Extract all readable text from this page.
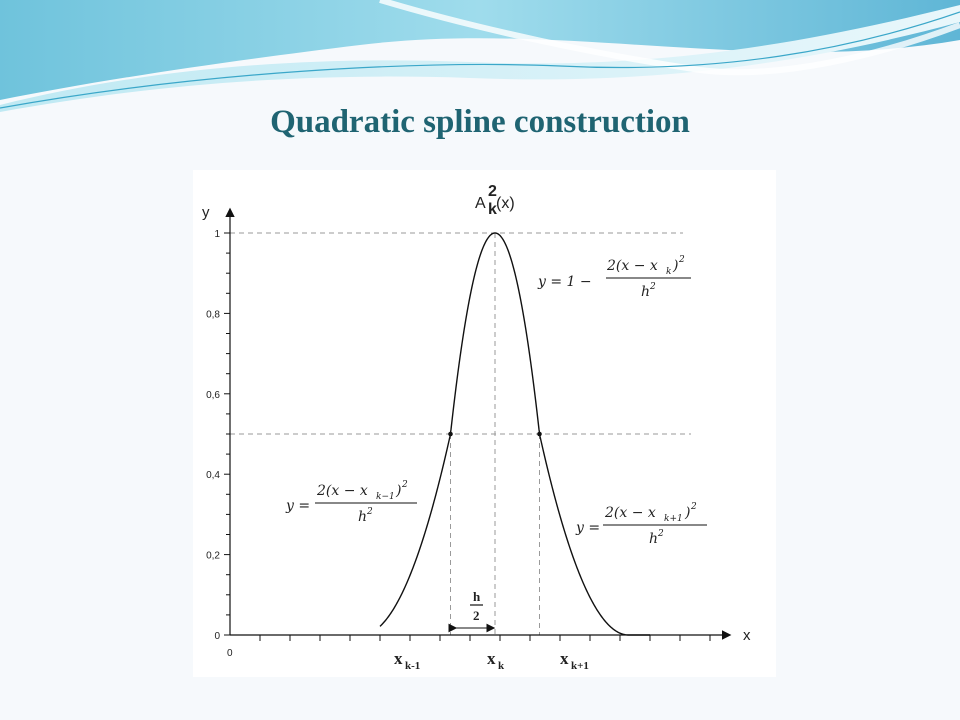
Quadratic spline construction
0
0,2
0,4
0,6
0,8
1
y
x
0
A
2
k (x)
x k-1	x k	x k+1
h
2
y = 1 −
2(x − x k ) 2
h 2
y =
2(x − x k−1 ) 2
h 2
y =
2(x − x k+1 ) 2
h 2
